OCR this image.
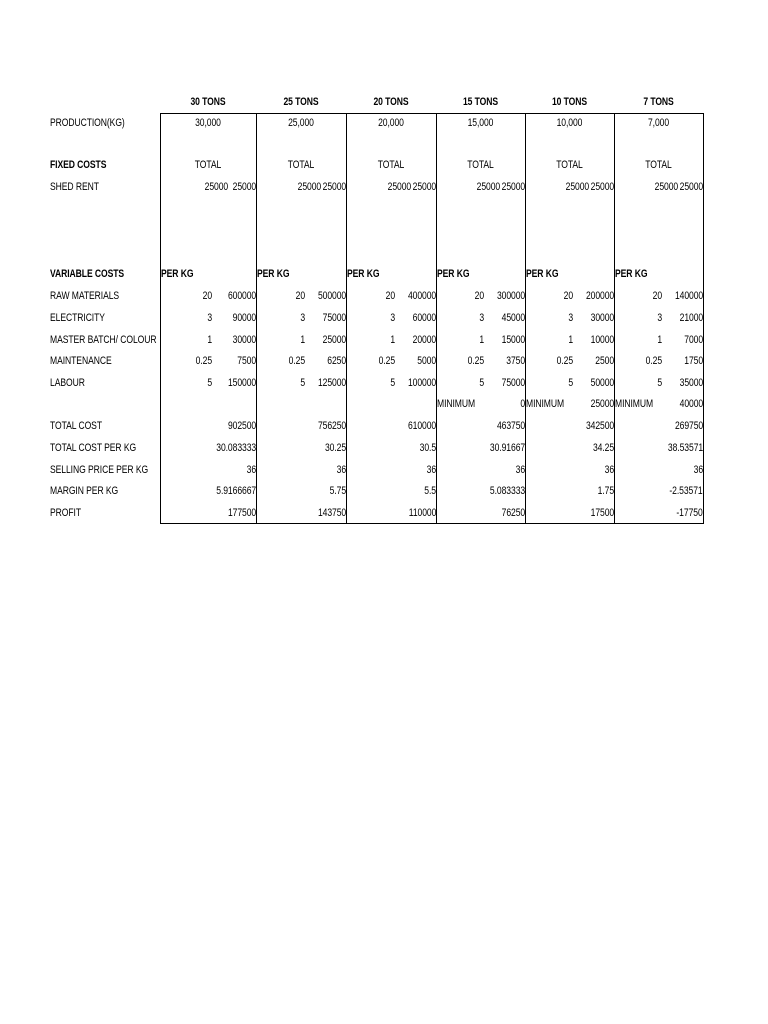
PRODUCTION(KG)
FIXED COSTS
SHED RENT
VARIABLE COSTS
RAW MATERIALS
ELECTRICITY
MASTER BATCH/ COLOUR
MAINTENANCE
LABOUR
TOTAL COST
TOTAL COST PER KG
SELLING PRICE PER KG
MARGIN PER KG
PROFIT
30 TONS
30,000
TOTAL
25000 25000
PER KG
20 600000
3 90000
1 30000
0.25 7500
5 150000
902500
30.083333
36
5.9166667
177500
25 TONS
25,000
TOTAL
25000 25000
PER KG
20 500000
3 75000
1 25000
0.25 6250
5 125000
756250
30.25
36
5.75
143750
20 TONS
20,000
TOTAL
25000 25000
PER KG
20 400000
3 60000
1 20000
0.25 5000
5 100000
610000
30.5
36
5.5
110000
15 TONS
15,000
TOTAL
25000 25000
PER KG
20 300000
3 45000
1 15000
0.25 3750
5 75000
MINIMUM	0
463750
30.91667
36
5.083333
76250
10 TONS
10,000
TOTAL
25000 25000
PER KG
20 200000
3 30000
1 10000
0.25 2500
5 50000
MINIMUM 25000
342500
34.25
36
1.75
17500
7 TONS
7,000
TOTAL
25000 25000
PER KG
20 140000
3 21000
1 7000
0.25 1750
5 35000
MINIMUM 40000
269750
38.53571
36
-2.53571
-17750
